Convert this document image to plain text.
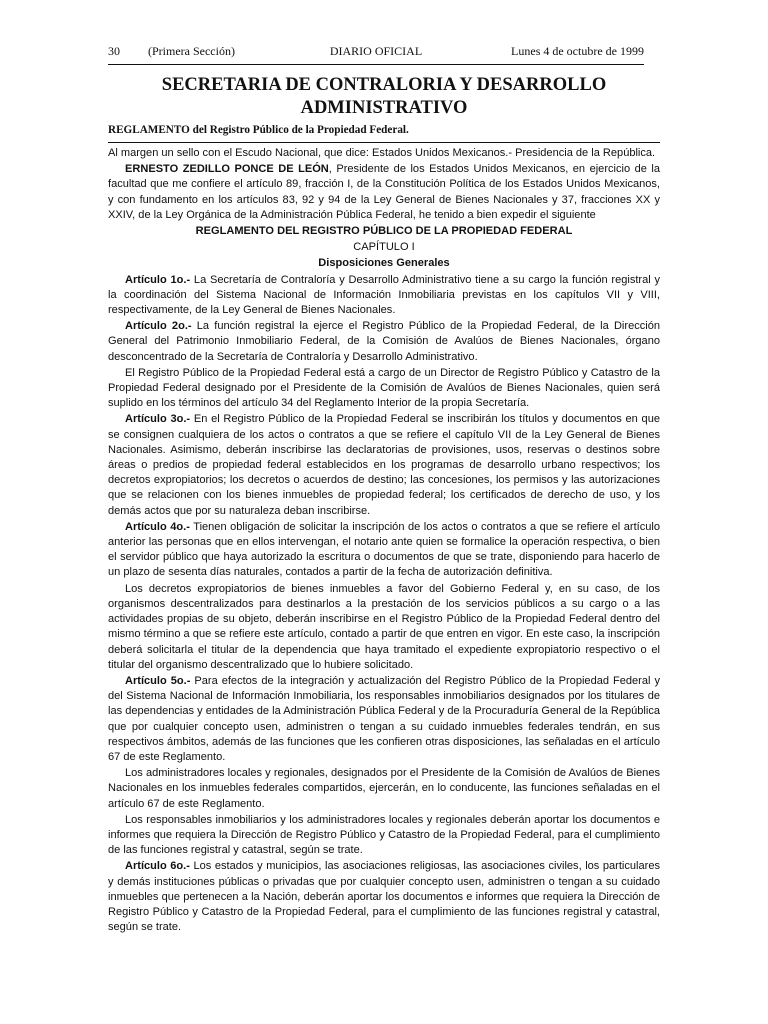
30 (Primera Sección)	DIARIO OFICIAL	Lunes 4 de octubre de 1999
SECRETARIA DE CONTRALORIA Y DESARROLLO
ADMINISTRATIVO
REGLAMENTO del Registro Público de la Propiedad Federal.

Al margen un sello con el Escudo Nacional, que dice: Estados Unidos Mexicanos.- Presidencia de la República.

ERNESTO ZEDILLO PONCE DE LEÓN, Presidente de los Estados Unidos Mexicanos, en ejercicio de la facultad que me confiere el artículo 89, fracción I, de la Constitución Política de los Estados Unidos Mexicanos, y con fundamento en los artículos 83, 92 y 94 de la Ley General de Bienes Nacionales y 37, fracciones XX y XXIV, de la Ley Orgánica de la Administración Pública Federal, he tenido a bien expedir el siguiente

REGLAMENTO DEL REGISTRO PÚBLICO DE LA PROPIEDAD FEDERAL

CAPÍTULO I

Disposiciones Generales

Artículo 1o.- La Secretaría de Contraloría y Desarrollo Administrativo tiene a su cargo la función registral y la coordinación del Sistema Nacional de Información Inmobiliaria previstas en los capítulos VII y VIII, respectivamente, de la Ley General de Bienes Nacionales.

Artículo 2o.- La función registral la ejerce el Registro Público de la Propiedad Federal, de la Dirección General del Patrimonio Inmobiliario Federal, de la Comisión de Avalúos de Bienes Nacionales, órgano desconcentrado de la Secretaría de Contraloría y Desarrollo Administrativo.

El Registro Público de la Propiedad Federal está a cargo de un Director de Registro Público y Catastro de la Propiedad Federal designado por el Presidente de la Comisión de Avalúos de Bienes Nacionales, quien será suplido en los términos del artículo 34 del Reglamento Interior de la propia Secretaría.

Artículo 3o.- En el Registro Público de la Propiedad Federal se inscribirán los títulos y documentos en que se consignen cualquiera de los actos o contratos a que se refiere el capítulo VII de la Ley General de Bienes Nacionales. Asimismo, deberán inscribirse las declaratorias de provisiones, usos, reservas o destinos sobre áreas o predios de propiedad federal establecidos en los programas de desarrollo urbano respectivos; los decretos expropiatorios; los decretos o acuerdos de destino; las concesiones, los permisos y las autorizaciones que se relacionen con los bienes inmuebles de propiedad federal; los certificados de derecho de uso, y los demás actos que por su naturaleza deban inscribirse.

Artículo 4o.- Tienen obligación de solicitar la inscripción de los actos o contratos a que se refiere el artículo anterior las personas que en ellos intervengan, el notario ante quien se formalice la operación respectiva, o bien el servidor público que haya autorizado la escritura o documentos de que se trate, disponiendo para hacerlo de un plazo de sesenta días naturales, contados a partir de la fecha de autorización definitiva.

Los decretos expropiatorios de bienes inmuebles a favor del Gobierno Federal y, en su caso, de los organismos descentralizados para destinarlos a la prestación de los servicios públicos a su cargo o a las actividades propias de su objeto, deberán inscribirse en el Registro Público de la Propiedad Federal dentro del mismo término a que se refiere este artículo, contado a partir de que entren en vigor. En este caso, la inscripción deberá solicitarla el titular de la dependencia que haya tramitado el expediente expropiatorio respectivo o el titular del organismo descentralizado que lo hubiere solicitado.

Artículo 5o.- Para efectos de la integración y actualización del Registro Público de la Propiedad Federal y del Sistema Nacional de Información Inmobiliaria, los responsables inmobiliarios designados por los titulares de las dependencias y entidades de la Administración Pública Federal y de la Procuraduría General de la República que por cualquier concepto usen, administren o tengan a su cuidado inmuebles federales tendrán, en sus respectivos ámbitos, además de las funciones que les confieren otras disposiciones, las señaladas en el artículo 67 de este Reglamento.

Los administradores locales y regionales, designados por el Presidente de la Comisión de Avalúos de Bienes Nacionales en los inmuebles federales compartidos, ejercerán, en lo conducente, las funciones señaladas en el artículo 67 de este Reglamento.

Los responsables inmobiliarios y los administradores locales y regionales deberán aportar los documentos e informes que requiera la Dirección de Registro Público y Catastro de la Propiedad Federal, para el cumplimiento de las funciones registral y catastral, según se trate.

Artículo 6o.- Los estados y municipios, las asociaciones religiosas, las asociaciones civiles, los particulares y demás instituciones públicas o privadas que por cualquier concepto usen, administren o tengan a su cuidado inmuebles que pertenecen a la Nación, deberán aportar los documentos e informes que requiera la Dirección de Registro Público y Catastro de la Propiedad Federal, para el cumplimiento de las funciones registral y catastral, según se trate.
